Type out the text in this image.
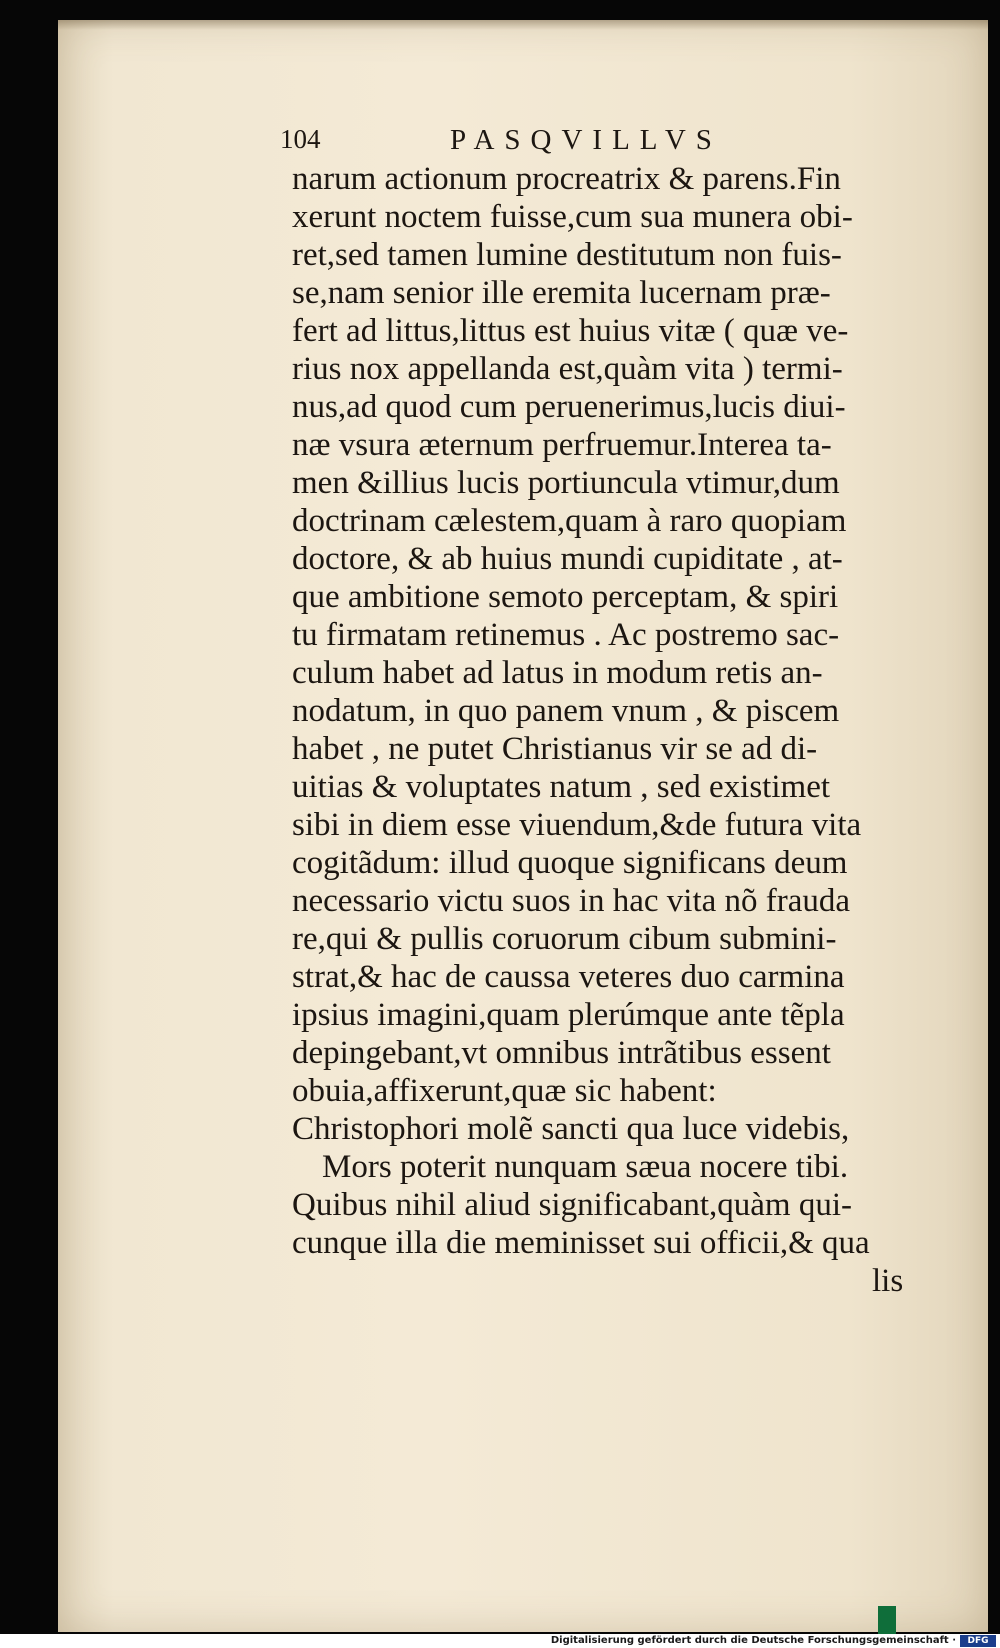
104	PASQVILLVS
narum actionum procreatrix & parens.Fin
xerunt noctem fuisse,cum sua munera obi-
ret,sed tamen lumine destitutum non fuis-
se,nam senior ille eremita lucernam præ-
fert ad littus,littus est huius vitæ ( quæ ve-
rius nox appellanda est,quàm vita ) termi-
nus,ad quod cum peruenerimus,lucis diui-
næ vsura æternum perfruemur.Interea ta-
men &illius lucis portiuncula vtimur,dum
doctrinam cælestem,quam à raro quopiam
doctore, & ab huius mundi cupiditate , at-
que ambitione semoto perceptam, & spiri
tu firmatam retinemus . Ac postremo sac-
culum habet ad latus in modum retis an-
nodatum, in quo panem vnum , & piscem
habet , ne putet Christianus vir se ad di-
uitias & voluptates natum , sed existimet
sibi in diem esse viuendum,&de futura vita
cogitãdum: illud quoque significans deum
necessario victu suos in hac vita nõ frauda
re,qui & pullis coruorum cibum submini-
strat,& hac de caussa veteres duo carmina
ipsius imagini,quam plerúmque ante tẽpla
depingebant,vt omnibus intrãtibus essent
obuia,affixerunt,quæ sic habent:
Christophori molẽ sancti qua luce videbis,
Mors poterit nunquam sæua nocere tibi.
Quibus nihil aliud significabant,quàm qui-
cunque illa die meminisset sui officii,& qua
lis
Digitalisierung gefördert durch die Deutsche Forschungsgemeinschaft ·	DFG
